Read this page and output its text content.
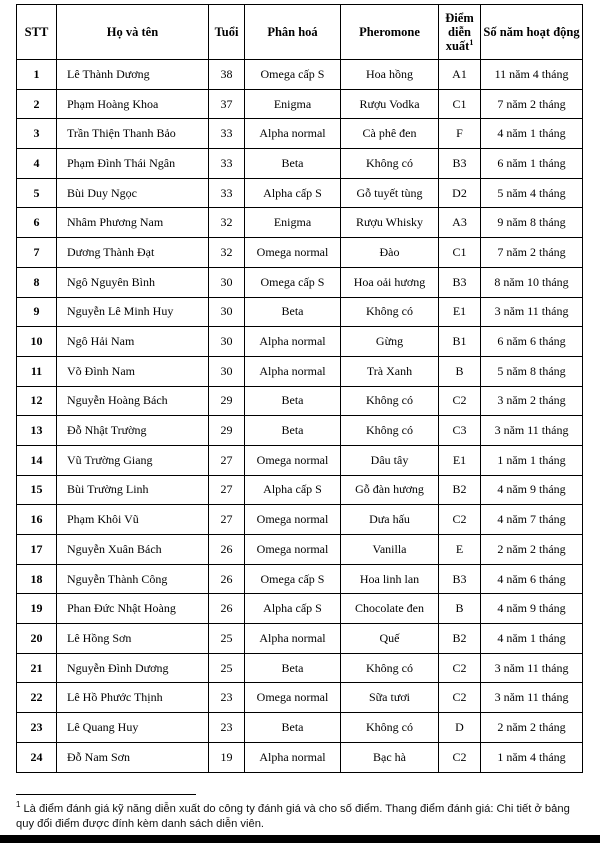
STT	Họ và tên	Tuổi	Phân hoá	Pheromone	Điểm diễn xuất$^1$	Số năm hoạt động
1	Lê Thành Dương	38	Omega cấp S	Hoa hồng	A1	11 năm 4 tháng
2	Phạm Hoàng Khoa	37	Enigma	Rượu Vodka	C1	7 năm 2 tháng
3	Trần Thiện Thanh Bảo	33	Alpha normal	Cà phê đen	F	4 năm 1 tháng
4	Phạm Đình Thái Ngân	33	Beta	Không có	B3	6 năm 1 tháng
5	Bùi Duy Ngọc	33	Alpha cấp S	Gỗ tuyết tùng	D2	5 năm 4 tháng
6	Nhâm Phương Nam	32	Enigma	Rượu Whisky	A3	9 năm 8 tháng
7	Dương Thành Đạt	32	Omega normal	Đào	C1	7 năm 2 tháng
8	Ngô Nguyên Bình	30	Omega cấp S	Hoa oải hương	B3	8 năm 10 tháng
9	Nguyễn Lê Minh Huy	30	Beta	Không có	E1	3 năm 11 tháng
10	Ngô Hải Nam	30	Alpha normal	Gừng	B1	6 năm 6 tháng
11	Võ Đình Nam	30	Alpha normal	Trà Xanh	B	5 năm 8 tháng
12	Nguyễn Hoàng Bách	29	Beta	Không có	C2	3 năm 2 tháng
13	Đỗ Nhật Trường	29	Beta	Không có	C3	3 năm 11 tháng
14	Vũ Trường Giang	27	Omega normal	Dâu tây	E1	1 năm 1 tháng
15	Bùi Trường Linh	27	Alpha cấp S	Gỗ đàn hương	B2	4 năm 9 tháng
16	Phạm Khôi Vũ	27	Omega normal	Dưa hấu	C2	4 năm 7 tháng
17	Nguyễn Xuân Bách	26	Omega normal	Vanilla	E	2 năm 2 tháng
18	Nguyễn Thành Công	26	Omega cấp S	Hoa linh lan	B3	4 năm 6 tháng
19	Phan Đức Nhật Hoàng	26	Alpha cấp S	Chocolate đen	B	4 năm 9 tháng
20	Lê Hồng Sơn	25	Alpha normal	Quế	B2	4 năm 1 tháng
21	Nguyễn Đình Dương	25	Beta	Không có	C2	3 năm 11 tháng
22	Lê Hồ Phước Thịnh	23	Omega normal	Sữa tươi	C2	3 năm 11 tháng
23	Lê Quang Huy	23	Beta	Không có	D	2 năm 2 tháng
24	Đỗ Nam Sơn	19	Alpha normal	Bạc hà	C2	1 năm 4 tháng
$^1$ Là điểm đánh giá kỹ năng diễn xuất do công ty đánh giá và cho số điểm. Thang điểm đánh giá: Chi tiết ở bảng quy đổi điểm được đính kèm danh sách diễn viên.
